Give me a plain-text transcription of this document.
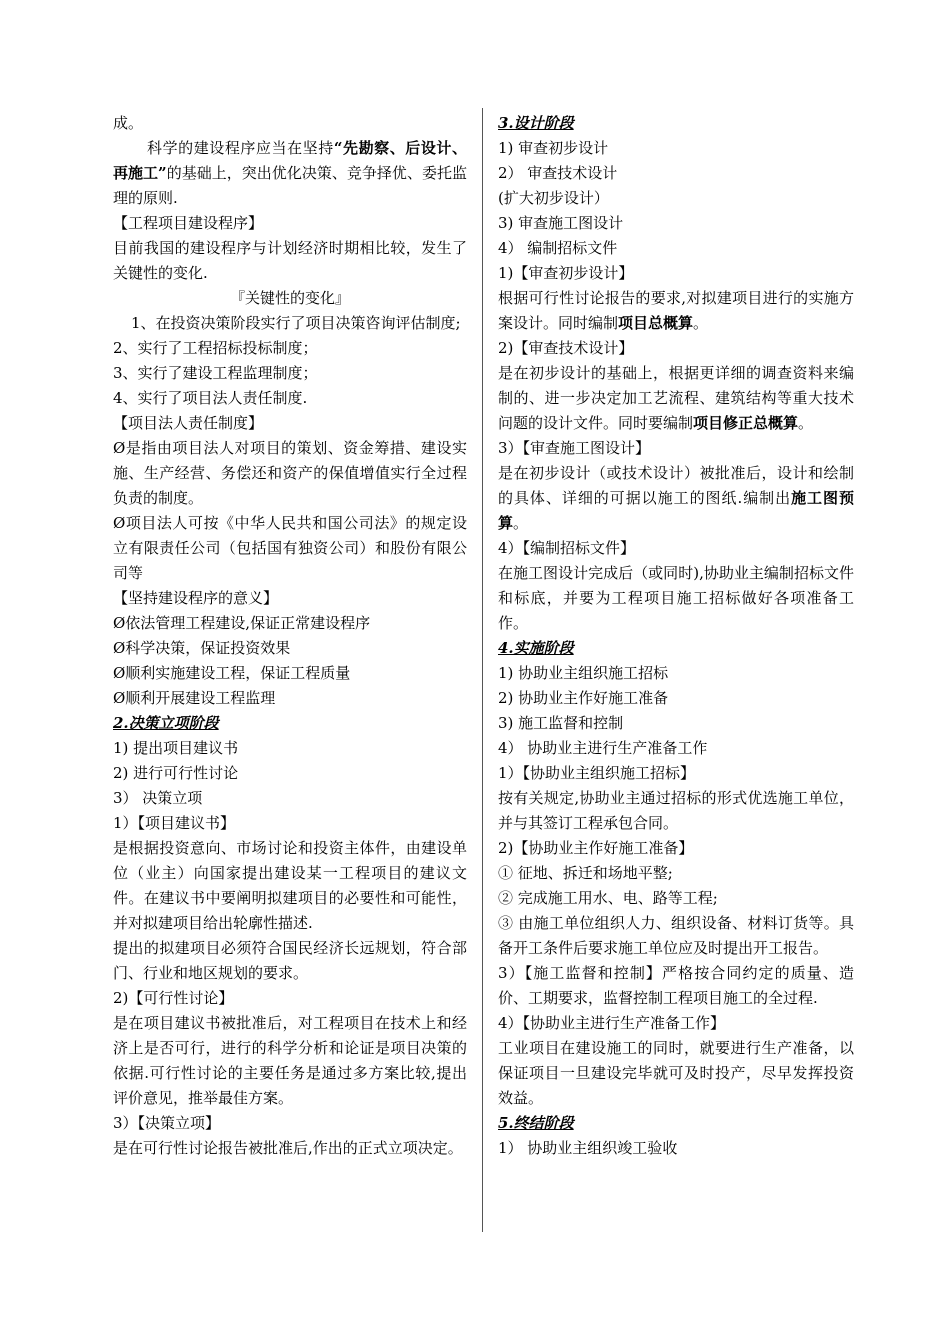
成。
科学的建设程序应当在坚持“先勘察、后设计、再施工”的基础上，突出优化决策、竞争择优、委托监理的原则.
【工程项目建设程序】
目前我国的建设程序与计划经济时期相比较，发生了关键性的变化.
『关键性的变化』
1、在投资决策阶段实行了项目决策咨询评估制度;
2、实行了工程招标投标制度；
3、实行了建设工程监理制度；
4、实行了项目法人责任制度.
【项目法人责任制度】
Ø是指由项目法人对项目的策划、资金筹措、建设实施、生产经营、务偿还和资产的保值增值实行全过程负责的制度。
Ø项目法人可按《中华人民共和国公司法》的规定设立有限责任公司（包括国有独资公司）和股份有限公司等
【坚持建设程序的意义】
Ø依法管理工程建设,保证正常建设程序
Ø科学决策，保证投资效果
Ø顺利实施建设工程，保证工程质量
Ø顺利开展建设工程监理
2.决策立项阶段
1) 提出项目建议书
2) 进行可行性讨论
3） 决策立项
1）【项目建议书】
是根据投资意向、市场讨论和投资主体件，由建设单位（业主）向国家提出建设某一工程项目的建议文件。在建议书中要阐明拟建项目的必要性和可能性，并对拟建项目给出轮廓性描述.
提出的拟建项目必须符合国民经济长远规划，符合部门、行业和地区规划的要求。
2)【可行性讨论】
是在项目建议书被批准后，对工程项目在技术上和经济上是否可行，进行的科学分析和论证是项目决策的依据.可行性讨论的主要任务是通过多方案比较,提出评价意见，推举最佳方案。
3）【决策立项】
是在可行性讨论报告被批准后,作出的正式立项决定。
3.设计阶段
1) 审查初步设计
2） 审查技术设计
(扩大初步设计）
3) 审查施工图设计
4） 编制招标文件
1)【审查初步设计】
根据可行性讨论报告的要求,对拟建项目进行的实施方案设计。同时编制项目总概算。
2)【审查技术设计】
是在初步设计的基础上，根据更详细的调查资料来编制的、进一步决定加工艺流程、建筑结构等重大技术问题的设计文件。同时要编制项目修正总概算。
3）【审查施工图设计】
是在初步设计（或技术设计）被批准后，设计和绘制的具体、详细的可据以施工的图纸.编制出施工图预算。
4）【编制招标文件】
在施工图设计完成后（或同时),协助业主编制招标文件和标底，并要为工程项目施工招标做好各项准备工作。
4.实施阶段
1) 协助业主组织施工招标
2) 协助业主作好施工准备
3) 施工监督和控制
4） 协助业主进行生产准备工作
1）【协助业主组织施工招标】
按有关规定,协助业主通过招标的形式优选施工单位，并与其签订工程承包合同。
2)【协助业主作好施工准备】
① 征地、拆迁和场地平整;
② 完成施工用水、电、路等工程;
③ 由施工单位组织人力、组织设备、材料订货等。具备开工条件后要求施工单位应及时提出开工报告。
3）【施工监督和控制】严格按合同约定的质量、造价、工期要求，监督控制工程项目施工的全过程.
4）【协助业主进行生产准备工作】
工业项目在建设施工的同时，就要进行生产准备，以保证项目一旦建设完毕就可及时投产，尽早发挥投资效益。
5.终结阶段
1） 协助业主组织竣工验收
